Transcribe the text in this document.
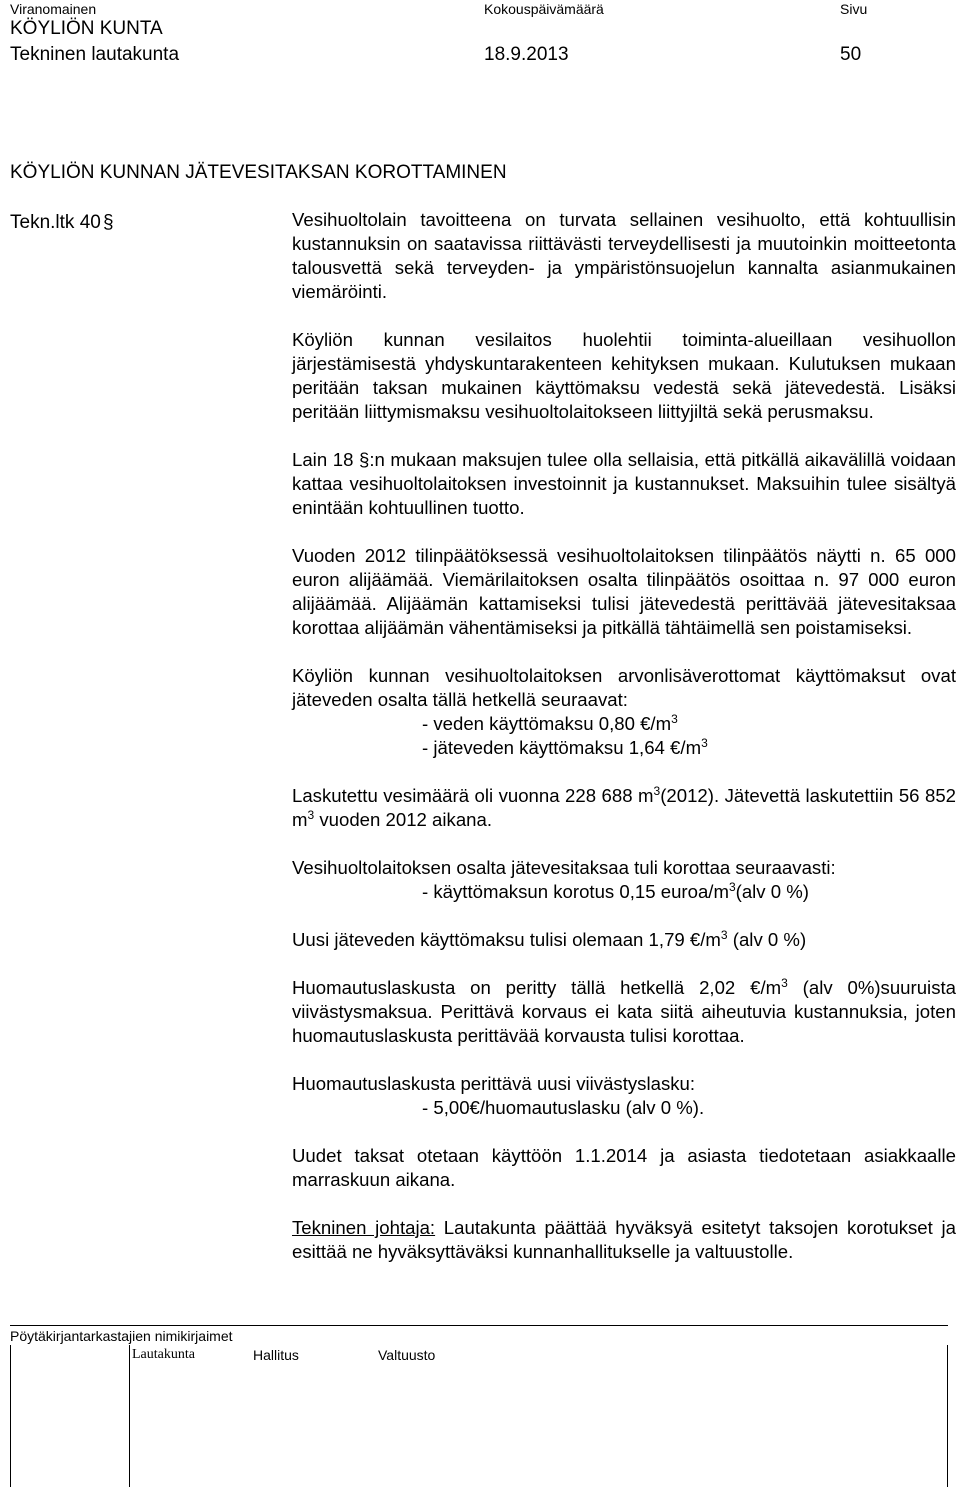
Viranomainen	Kokouspäivämäärä	Sivu
KÖYLIÖN KUNTA
Tekninen lautakunta	18.9.2013	50
KÖYLIÖN KUNNAN JÄTEVESITAKSAN KOROTTAMINEN
Tekn.ltk 40 §	Vesihuoltolain tavoitteena on turvata sellainen vesihuolto, että kohtuullisin kustannuksin on saatavissa riittävästi terveydellisesti ja muutoinkin moitteetonta talousvettä sekä terveyden- ja ympäristönsuojelun kannalta asianmukainen viemäröinti.

Köyliön kunnan vesilaitos huolehtii toiminta-alueillaan vesihuollon järjestämisestä yhdyskuntarakenteen kehityksen mukaan. Kulutuksen mukaan peritään taksan mukainen käyttömaksu vedestä sekä jätevedestä. Lisäksi peritään liittymismaksu vesihuoltolaitokseen liittyjiltä sekä perusmaksu.

Lain 18 §:n mukaan maksujen tulee olla sellaisia, että pitkällä aikavälillä voidaan kattaa vesihuoltolaitoksen investoinnit ja kustannukset. Maksuihin tulee sisältyä enintään kohtuullinen tuotto.

Vuoden 2012 tilinpäätöksessä vesihuoltolaitoksen tilinpäätös näytti n. 65 000 euron alijäämää. Viemärilaitoksen osalta tilinpäätös osoittaa n. 97 000 euron alijäämää. Alijäämän kattamiseksi tulisi jätevedestä perittävää jätevesitaksaa korottaa alijäämän vähentämiseksi ja pitkällä tähtäimellä sen poistamiseksi.

Köyliön kunnan vesihuoltolaitoksen arvonlisäverottomat käyttömaksut ovat jäteveden osalta tällä hetkellä seuraavat:
- veden käyttömaksu 0,80 $€/m^3$
- jäteveden käyttömaksu 1,64 $€/m^3$

Laskutettu vesimäärä oli vuonna 228 688 $m^3(2012)$. Jätevettä laskutettiin 56 852 $m^3$ vuoden 2012 aikana.

Vesihuoltolaitoksen osalta jätevesitaksaa tuli korottaa seuraavasti:
- käyttömaksun korotus 0,15 euroa/$m^3(alv$ 0 %)

Uusi jäteveden käyttömaksu tulisi olemaan 1,79 $€/m^3$ (alv 0 %)

Huomautuslaskusta on peritty tällä hetkellä 2,02 $€/m^3$ (alv 0%)suuruista viivästysmaksua. Perittävä korvaus ei kata siitä aiheutuvia kustannuksia, joten huomautuslaskusta perittävää korvausta tulisi korottaa.

Huomautuslaskusta perittävä uusi viivästyslasku:
- 5,00€/huomautuslasku (alv 0 %).

Uudet taksat otetaan käyttöön 1.1.2014 ja asiasta tiedotetaan asiakkaalle marraskuun aikana.

Tekninen johtaja: Lautakunta päättää hyväksyä esitetyt taksojen korotukset ja esittää ne hyväksyttäväksi kunnanhallitukselle ja valtuustolle.

Pöytäkirjantarkastajien nimikirjaimet
Lautakunta	Hallitus	Valtuusto
